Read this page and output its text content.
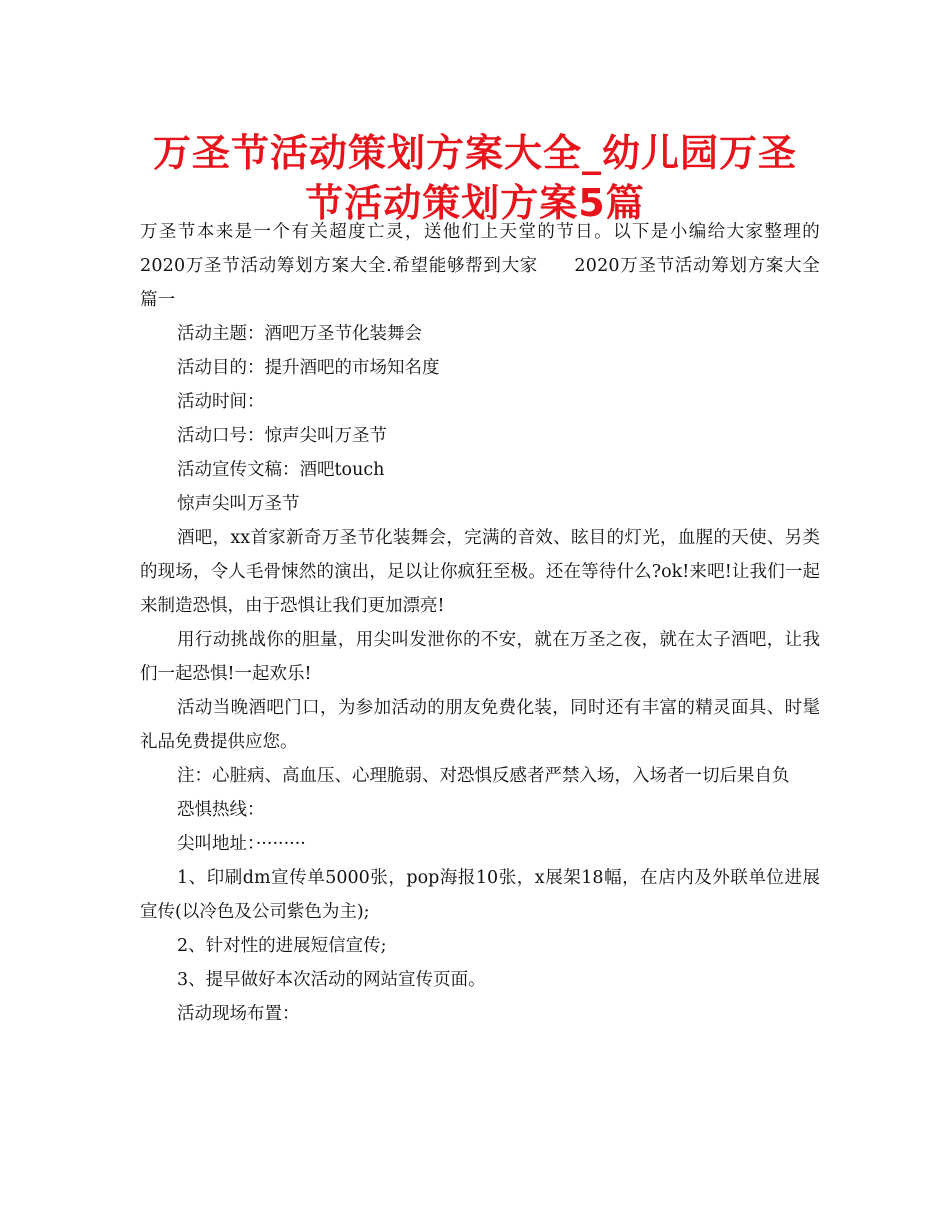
万圣节活动策划方案大全_幼儿园万圣节活动策划方案5篇

万圣节本来是一个有关超度亡灵，送他们上天堂的节日。以下是小编给大家整理的2020万圣节活动筹划方案大全.希望能够帮到大家　　2020万圣节活动筹划方案大全篇一

活动主题：酒吧万圣节化装舞会

活动目的：提升酒吧的市场知名度

活动时间：

活动口号：惊声尖叫万圣节

活动宣传文稿：酒吧touch

惊声尖叫万圣节

酒吧，xx首家新奇万圣节化装舞会，完满的音效、眩目的灯光，血腥的天使、另类的现场，令人毛骨悚然的演出，足以让你疯狂至极。还在等待什么?ok!来吧!让我们一起来制造恐惧，由于恐惧让我们更加漂亮!

用行动挑战你的胆量，用尖叫发泄你的不安，就在万圣之夜，就在太子酒吧，让我们一起恐惧!一起欢乐!

活动当晚酒吧门口，为参加活动的朋友免费化装，同时还有丰富的精灵面具、时髦礼品免费提供应您。

注：心脏病、高血压、心理脆弱、对恐惧反感者严禁入场，入场者一切后果自负

恐惧热线：

尖叫地址：·········

1、印刷dm宣传单5000张，pop海报10张，x展架18幅，在店内及外联单位进展宣传(以冷色及公司紫色为主);

2、针对性的进展短信宣传;

3、提早做好本次活动的网站宣传页面。

活动现场布置：
